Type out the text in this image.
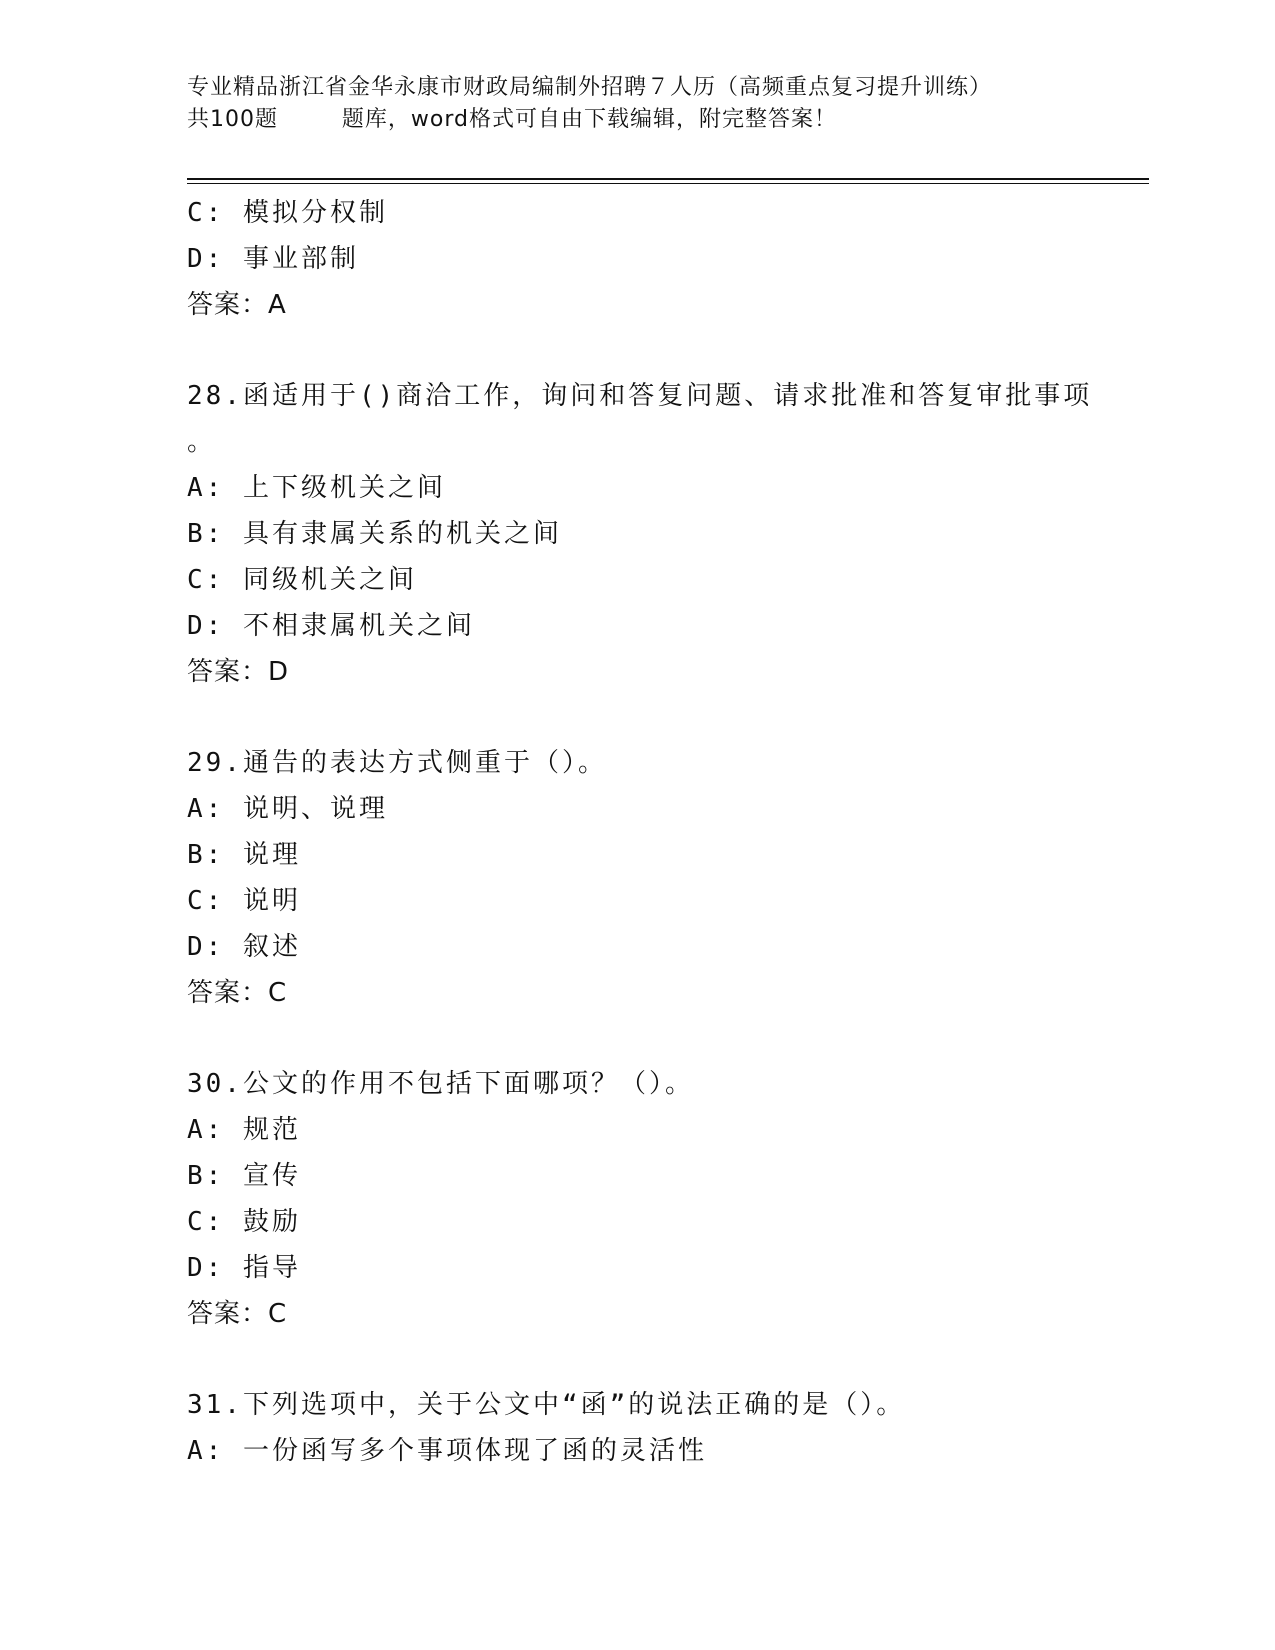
专业精品浙江省金华永康市财政局编制外招聘７人历（高频重点复习提升训练）
共100题        题库，word格式可自由下载编辑，附完整答案！
C: 模拟分权制
D: 事业部制
答案：A
28.函适用于()商洽工作，询问和答复问题、请求批准和答复审批事项
。
A: 上下级机关之间
B: 具有隶属关系的机关之间
C: 同级机关之间
D: 不相隶属机关之间
答案：D
29.通告的表达方式侧重于（）。
A: 说明、说理
B: 说理
C: 说明
D: 叙述
答案：C
30.公文的作用不包括下面哪项？（）。
A: 规范
B: 宣传
C: 鼓励
D: 指导
答案：C
31.下列选项中，关于公文中“函”的说法正确的是（）。
A: 一份函写多个事项体现了函的灵活性
